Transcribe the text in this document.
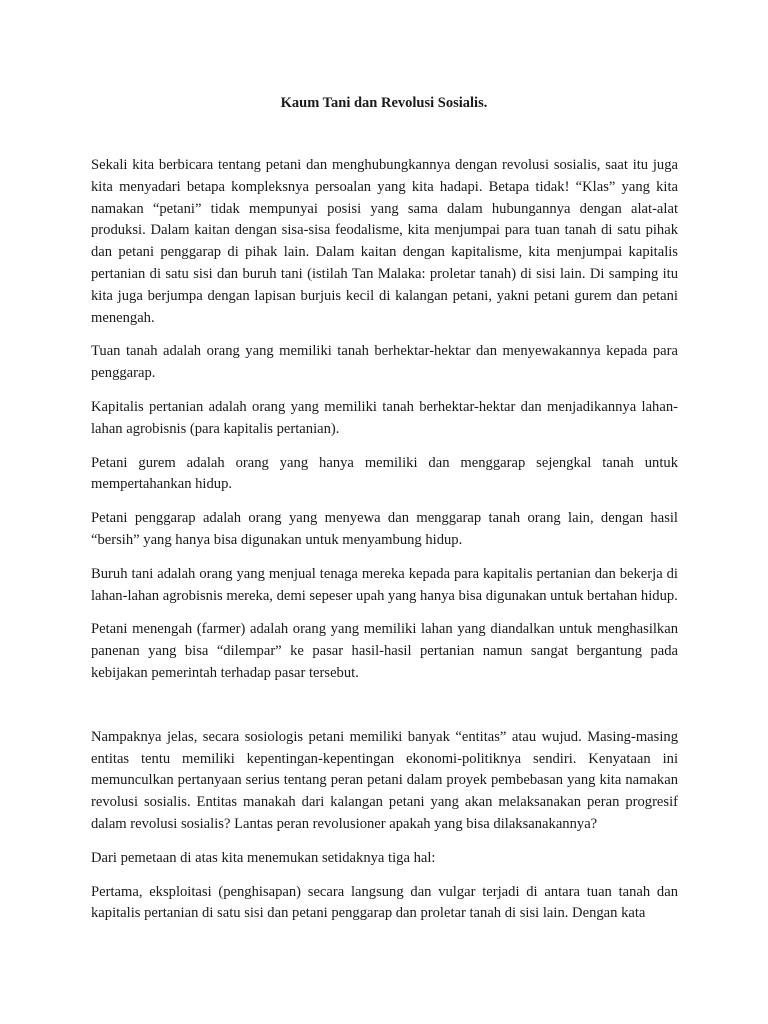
Kaum Tani dan Revolusi Sosialis.

Sekali kita berbicara tentang petani dan menghubungkannya dengan revolusi sosialis, saat itu juga kita menyadari betapa kompleksnya persoalan yang kita hadapi. Betapa tidak! “Klas” yang kita namakan “petani” tidak mempunyai posisi yang sama dalam hubungannya dengan alat-alat produksi. Dalam kaitan dengan sisa-sisa feodalisme, kita menjumpai para tuan tanah di satu pihak dan petani penggarap di pihak lain. Dalam kaitan dengan kapitalisme, kita menjumpai kapitalis pertanian di satu sisi dan buruh tani (istilah Tan Malaka: proletar tanah) di sisi lain. Di samping itu kita juga berjumpa dengan lapisan burjuis kecil di kalangan petani, yakni petani gurem dan petani menengah.

Tuan tanah adalah orang yang memiliki tanah berhektar-hektar dan menyewakannya kepada para penggarap.

Kapitalis pertanian adalah orang yang memiliki tanah berhektar-hektar dan menjadikannya lahan-lahan agrobisnis (para kapitalis pertanian).

Petani gurem adalah orang yang hanya memiliki dan menggarap sejengkal tanah untuk mempertahankan hidup.

Petani penggarap adalah orang yang menyewa dan menggarap tanah orang lain, dengan hasil “bersih” yang hanya bisa digunakan untuk menyambung hidup.

Buruh tani adalah orang yang menjual tenaga mereka kepada para kapitalis pertanian dan bekerja di lahan-lahan agrobisnis mereka, demi sepeser upah yang hanya bisa digunakan untuk bertahan hidup.

Petani menengah (farmer) adalah orang yang memiliki lahan yang diandalkan untuk menghasilkan panenan yang bisa “dilempar” ke pasar hasil-hasil pertanian namun sangat bergantung pada kebijakan pemerintah terhadap pasar tersebut.

Nampaknya jelas, secara sosiologis petani memiliki banyak “entitas” atau wujud. Masing-masing entitas tentu memiliki kepentingan-kepentingan ekonomi-politiknya sendiri. Kenyataan ini memunculkan pertanyaan serius tentang peran petani dalam proyek pembebasan yang kita namakan revolusi sosialis. Entitas manakah dari kalangan petani yang akan melaksanakan peran progresif dalam revolusi sosialis? Lantas peran revolusioner apakah yang bisa dilaksanakannya?

Dari pemetaan di atas kita menemukan setidaknya tiga hal:

Pertama, eksploitasi (penghisapan) secara langsung dan vulgar terjadi di antara tuan tanah dan kapitalis pertanian di satu sisi dan petani penggarap dan proletar tanah di sisi lain. Dengan kata
